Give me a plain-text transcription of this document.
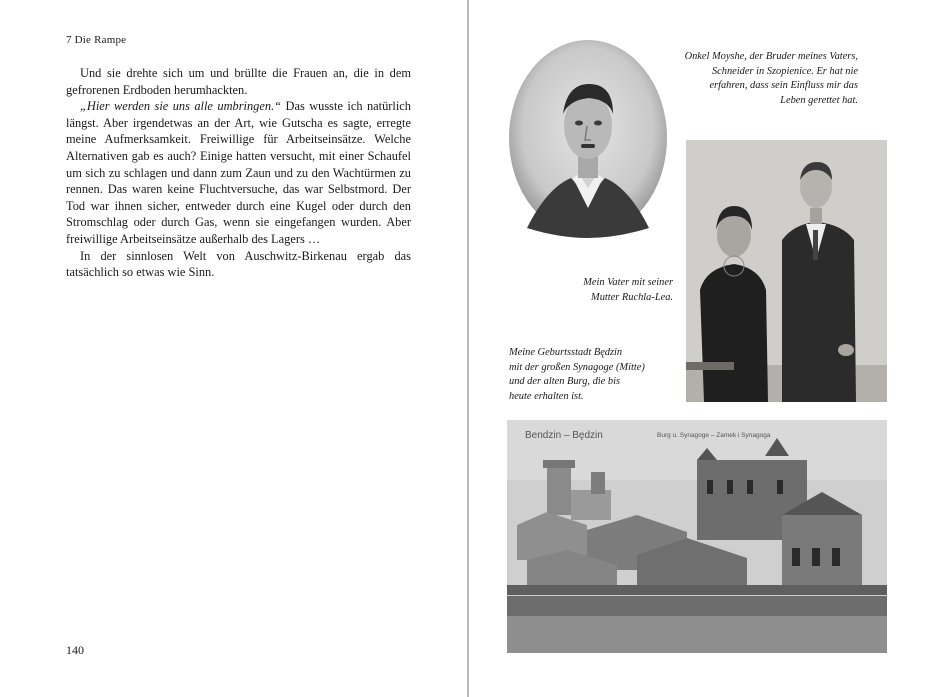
7 Die Rampe

Und sie drehte sich um und brüllte die Frauen an, die in dem gefrorenen Erdboden herumhackten.

„Hier werden sie uns alle umbringen.“ Das wusste ich natürlich längst. Aber irgendetwas an der Art, wie Gutscha es sagte, erregte meine Aufmerksamkeit. Freiwillige für Arbeitseinsätze. Welche Alternativen gab es auch? Einige hatten versucht, mit einer Schaufel um sich zu schlagen und dann zum Zaun und zu den Wachtürmen zu rennen. Das waren keine Fluchtversuche, das war Selbstmord. Der Tod war ihnen sicher, entweder durch eine Kugel oder durch den Stromschlag oder durch Gas, wenn sie eingefangen wurden. Aber freiwillige Arbeitseinsätze außerhalb des Lagers …

In der sinnlosen Welt von Auschwitz-Birkenau ergab das tatsächlich so etwas wie Sinn.

140
Bendzin – Będzin	Burg u. Synagoge – Zamek i Synagoga
Onkel Moyshe, der Bruder meines Vaters,
Schneider in Szopienice. Er hat nie
erfahren, dass sein Einfluss mir das
Leben gerettet hat.
Mein Vater mit seiner
Mutter Ruchla-Lea.
Meine Geburtsstadt Będzin
mit der großen Synagoge (Mitte)
und der alten Burg, die bis
heute erhalten ist.
